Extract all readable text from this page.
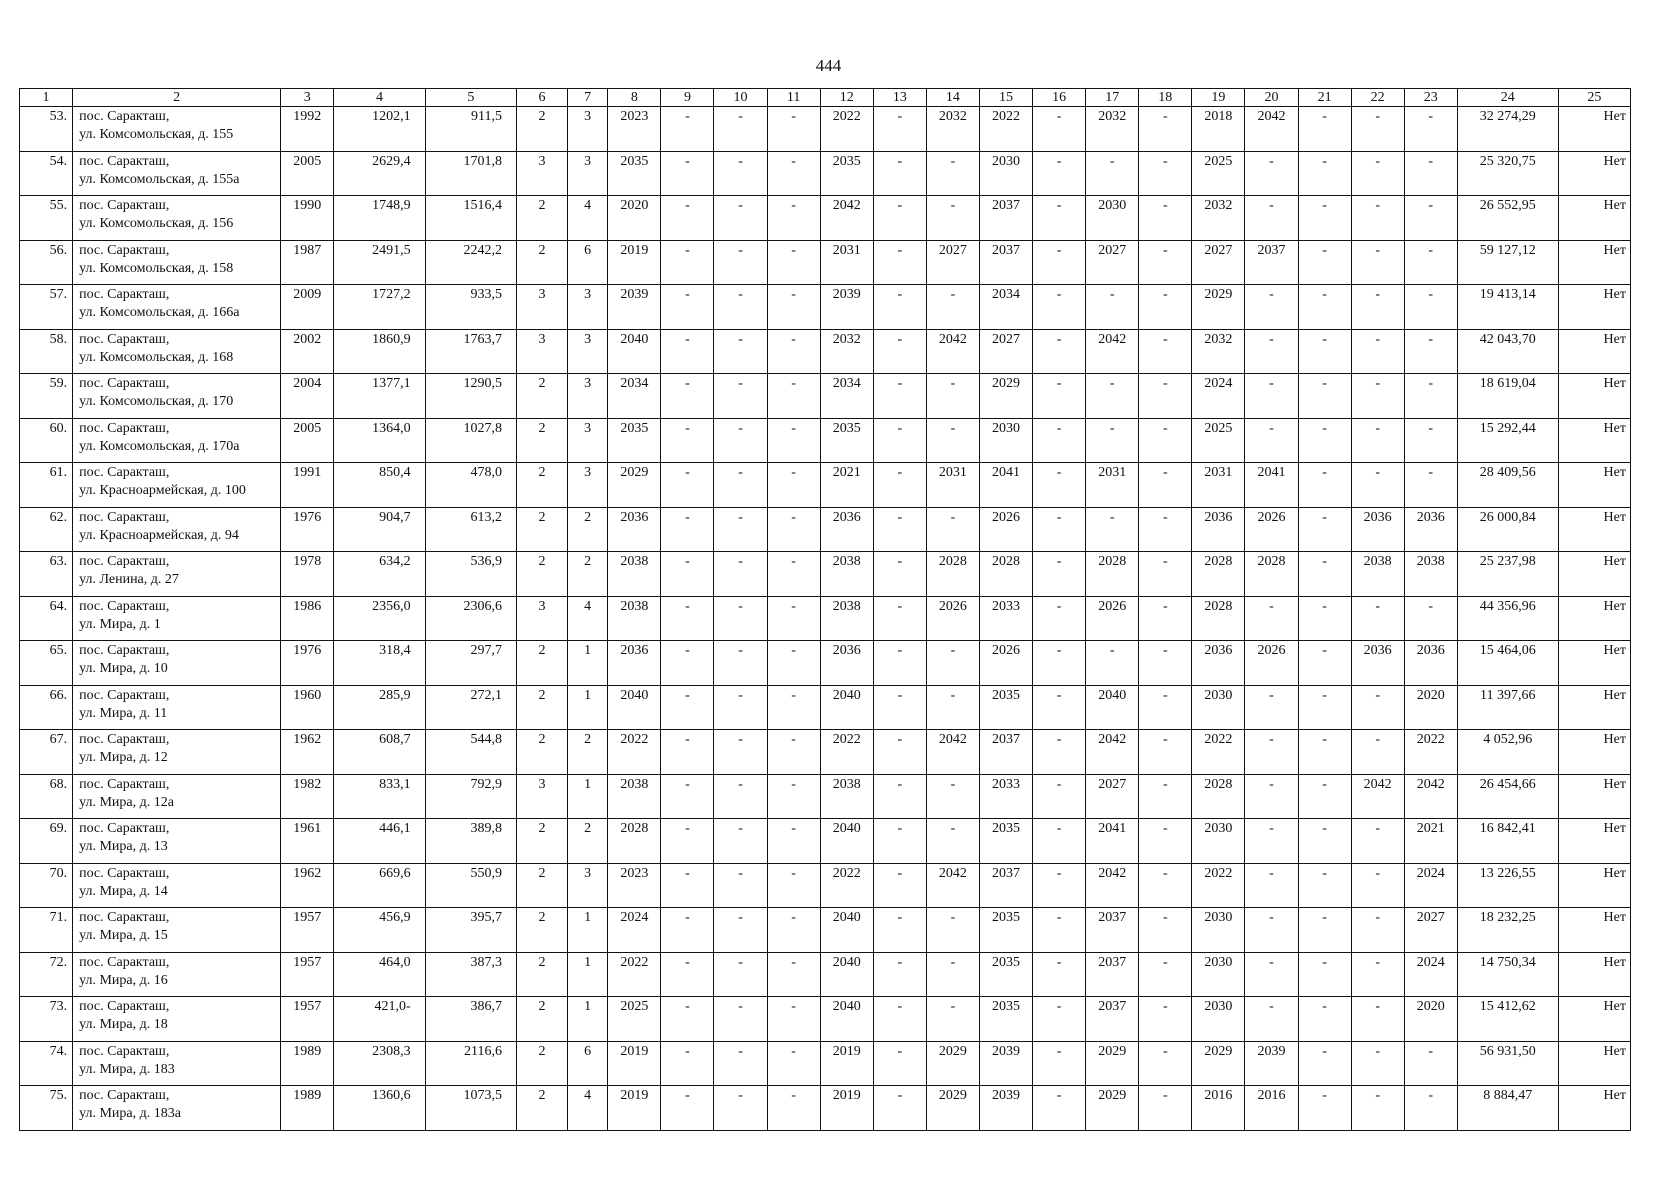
444
1	2	3	4	5	6	7	8	9	10	11	12	13	14	15	16	17	18	19	20	21	22	23	24	25
53.	пос. Саракташ,
ул. Комсомольская, д. 155	1992	1202,1	911,5	2	3	2023	-	-	-	2022	-	2032	2022	-	2032	-	2018	2042	-	-	-	32 274,29	Нет
54.	пос. Саракташ,
ул. Комсомольская, д. 155а	2005	2629,4	1701,8	3	3	2035	-	-	-	2035	-	-	2030	-	-	-	2025	-	-	-	-	25 320,75	Нет
55.	пос. Саракташ,
ул. Комсомольская, д. 156	1990	1748,9	1516,4	2	4	2020	-	-	-	2042	-	-	2037	-	2030	-	2032	-	-	-	-	26 552,95	Нет
56.	пос. Саракташ,
ул. Комсомольская, д. 158	1987	2491,5	2242,2	2	6	2019	-	-	-	2031	-	2027	2037	-	2027	-	2027	2037	-	-	-	59 127,12	Нет
57.	пос. Саракташ,
ул. Комсомольская, д. 166а	2009	1727,2	933,5	3	3	2039	-	-	-	2039	-	-	2034	-	-	-	2029	-	-	-	-	19 413,14	Нет
58.	пос. Саракташ,
ул. Комсомольская, д. 168	2002	1860,9	1763,7	3	3	2040	-	-	-	2032	-	2042	2027	-	2042	-	2032	-	-	-	-	42 043,70	Нет
59.	пос. Саракташ,
ул. Комсомольская, д. 170	2004	1377,1	1290,5	2	3	2034	-	-	-	2034	-	-	2029	-	-	-	2024	-	-	-	-	18 619,04	Нет
60.	пос. Саракташ,
ул. Комсомольская, д. 170а	2005	1364,0	1027,8	2	3	2035	-	-	-	2035	-	-	2030	-	-	-	2025	-	-	-	-	15 292,44	Нет
61.	пос. Саракташ,
ул. Красноармейская, д. 100	1991	850,4	478,0	2	3	2029	-	-	-	2021	-	2031	2041	-	2031	-	2031	2041	-	-	-	28 409,56	Нет
62.	пос. Саракташ,
ул. Красноармейская, д. 94	1976	904,7	613,2	2	2	2036	-	-	-	2036	-	-	2026	-	-	-	2036	2026	-	2036	2036	26 000,84	Нет
63.	пос. Саракташ,
ул. Ленина, д. 27	1978	634,2	536,9	2	2	2038	-	-	-	2038	-	2028	2028	-	2028	-	2028	2028	-	2038	2038	25 237,98	Нет
64.	пос. Саракташ,
ул. Мира, д. 1	1986	2356,0	2306,6	3	4	2038	-	-	-	2038	-	2026	2033	-	2026	-	2028	-	-	-	-	44 356,96	Нет
65.	пос. Саракташ,
ул. Мира, д. 10	1976	318,4	297,7	2	1	2036	-	-	-	2036	-	-	2026	-	-	-	2036	2026	-	2036	2036	15 464,06	Нет
66.	пос. Саракташ,
ул. Мира, д. 11	1960	285,9	272,1	2	1	2040	-	-	-	2040	-	-	2035	-	2040	-	2030	-	-	-	2020	11 397,66	Нет
67.	пос. Саракташ,
ул. Мира, д. 12	1962	608,7	544,8	2	2	2022	-	-	-	2022	-	2042	2037	-	2042	-	2022	-	-	-	2022	4 052,96	Нет
68.	пос. Саракташ,
ул. Мира, д. 12а	1982	833,1	792,9	3	1	2038	-	-	-	2038	-	-	2033	-	2027	-	2028	-	-	2042	2042	26 454,66	Нет
69.	пос. Саракташ,
ул. Мира, д. 13	1961	446,1	389,8	2	2	2028	-	-	-	2040	-	-	2035	-	2041	-	2030	-	-	-	2021	16 842,41	Нет
70.	пос. Саракташ,
ул. Мира, д. 14	1962	669,6	550,9	2	3	2023	-	-	-	2022	-	2042	2037	-	2042	-	2022	-	-	-	2024	13 226,55	Нет
71.	пос. Саракташ,
ул. Мира, д. 15	1957	456,9	395,7	2	1	2024	-	-	-	2040	-	-	2035	-	2037	-	2030	-	-	-	2027	18 232,25	Нет
72.	пос. Саракташ,
ул. Мира, д. 16	1957	464,0	387,3	2	1	2022	-	-	-	2040	-	-	2035	-	2037	-	2030	-	-	-	2024	14 750,34	Нет
73.	пос. Саракташ,
ул. Мира, д. 18	1957	421,0-	386,7	2	1	2025	-	-	-	2040	-	-	2035	-	2037	-	2030	-	-	-	2020	15 412,62	Нет
74.	пос. Саракташ,
ул. Мира, д. 183	1989	2308,3	2116,6	2	6	2019	-	-	-	2019	-	2029	2039	-	2029	-	2029	2039	-	-	-	56 931,50	Нет
75.	пос. Саракташ,
ул. Мира, д. 183а	1989	1360,6	1073,5	2	4	2019	-	-	-	2019	-	2029	2039	-	2029	-	2016	2016	-	-	-	8 884,47	Нет
